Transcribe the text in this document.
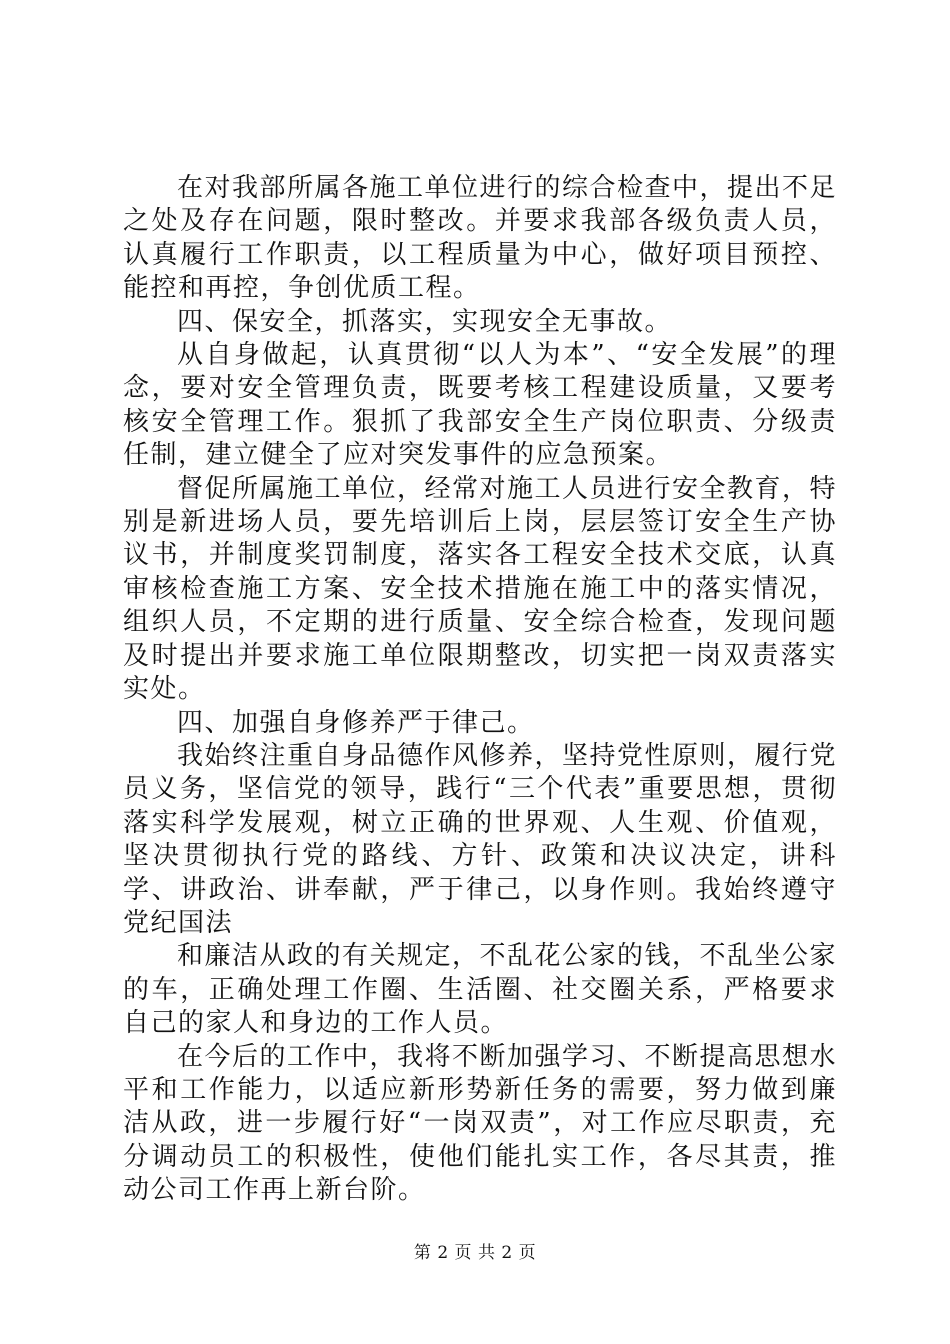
在对我部所属各施工单位进行的综合检查中，提出不足之处及存在问题，限时整改。并要求我部各级负责人员，认真履行工作职责，以工程质量为中心，做好项目预控、能控和再控，争创优质工程。

四、保安全，抓落实，实现安全无事故。

从自身做起，认真贯彻“以人为本”、“安全发展”的理念，要对安全管理负责，既要考核工程建设质量，又要考核安全管理工作。狠抓了我部安全生产岗位职责、分级责任制，建立健全了应对突发事件的应急预案。

督促所属施工单位，经常对施工人员进行安全教育，特别是新进场人员，要先培训后上岗，层层签订安全生产协议书，并制度奖罚制度，落实各工程安全技术交底，认真审核检查施工方案、安全技术措施在施工中的落实情况，组织人员，不定期的进行质量、安全综合检查，发现问题及时提出并要求施工单位限期整改，切实把一岗双责落实实处。

四、加强自身修养严于律己。

我始终注重自身品德作风修养，坚持党性原则，履行党员义务，坚信党的领导，践行“三个代表”重要思想，贯彻落实科学发展观，树立正确的世界观、人生观、价值观，坚决贯彻执行党的路线、方针、政策和决议决定，讲科学、讲政治、讲奉献，严于律己，以身作则。我始终遵守党纪国法

和廉洁从政的有关规定，不乱花公家的钱，不乱坐公家的车，正确处理工作圈、生活圈、社交圈关系，严格要求自己的家人和身边的工作人员。

在今后的工作中，我将不断加强学习、不断提高思想水平和工作能力，以适应新形势新任务的需要，努力做到廉洁从政，进一步履行好“一岗双责”，对工作应尽职责，充分调动员工的积极性，使他们能扎实工作，各尽其责，推动公司工作再上新台阶。

第 2 页 共 2 页
